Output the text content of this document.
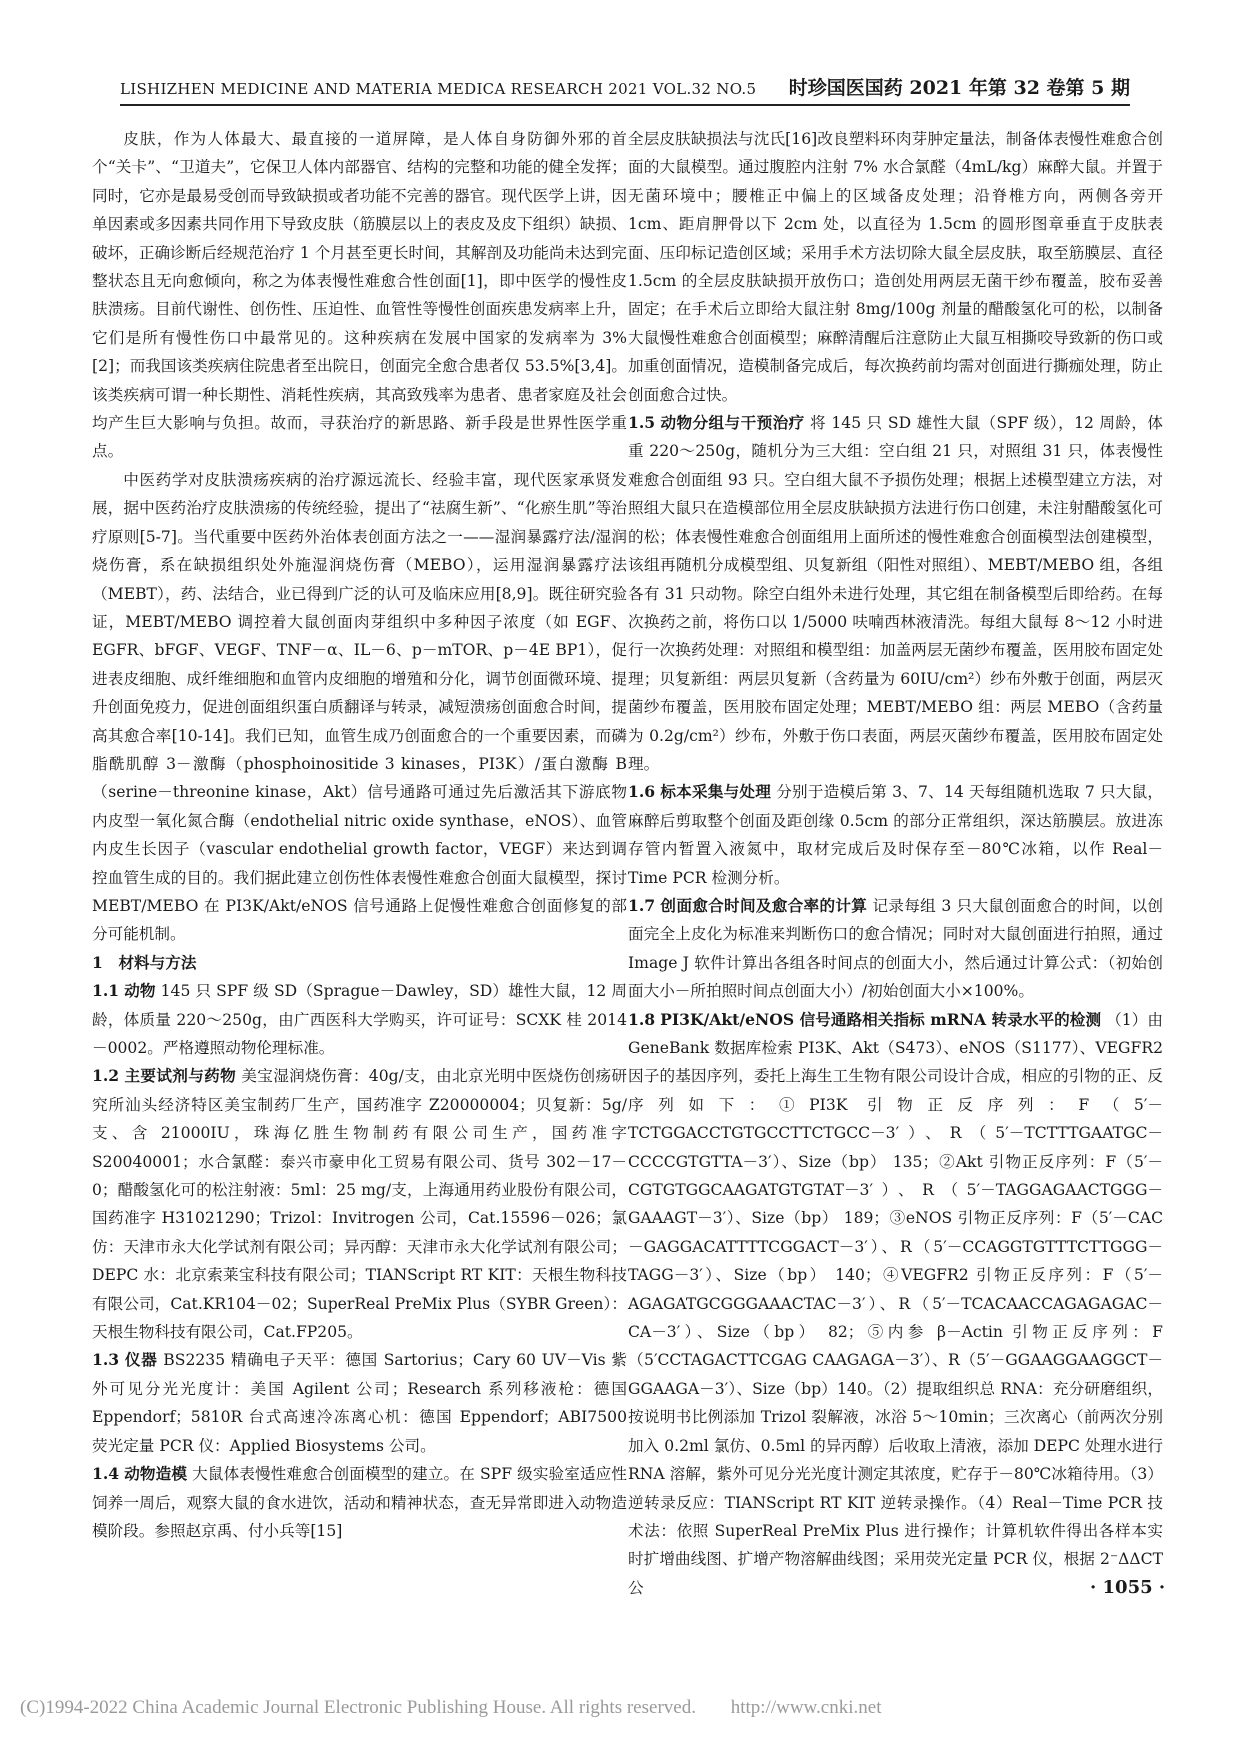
LISHIZHEN MEDICINE AND MATERIA MEDICA RESEARCH 2021 VOL.32 NO.5 时珍国医国药 2021 年第 32 卷第 5 期

皮肤，作为人体最大、最直接的一道屏障，是人体自身防御外邪的首个“关卡”、“卫道夫”，它保卫人体内部器官、结构的完整和功能的健全发挥；同时，它亦是最易受创而导致缺损或者功能不完善的器官。现代医学上讲，因单因素或多因素共同作用下导致皮肤（筋膜层以上的表皮及皮下组织）缺损、破坏，正确诊断后经规范治疗 1 个月甚至更长时间，其解剖及功能尚未达到完整状态且无向愈倾向，称之为体表慢性难愈合性创面[1]，即中医学的慢性皮肤溃疡。目前代谢性、创伤性、压迫性、血管性等慢性创面疾患发病率上升，它们是所有慢性伤口中最常见的。这种疾病在发展中国家的发病率为 3%[2]；而我国该类疾病住院患者至出院日，创面完全愈合患者仅 53.5%[3,4]。该类疾病可谓一种长期性、消耗性疾病，其高致残率为患者、患者家庭及社会均产生巨大影响与负担。故而，寻获治疗的新思路、新手段是世界性医学重点。

中医药学对皮肤溃疡疾病的治疗源远流长、经验丰富，现代医家承贤发展，据中医药治疗皮肤溃疡的传统经验，提出了“祛腐生新”、“化瘀生肌”等治疗原则[5-7]。当代重要中医药外治体表创面方法之一——湿润暴露疗法/湿润烧伤膏，系在缺损组织处外施湿润烧伤膏（MEBO），运用湿润暴露疗法（MEBT），药、法结合，业已得到广泛的认可及临床应用[8,9]。既往研究验证，MEBT/MEBO 调控着大鼠创面肉芽组织中多种因子浓度（如 EGF、EGFR、bFGF、VEGF、TNF－α、IL－6、p－mTOR、p－4E BP1），促进表皮细胞、成纤维细胞和血管内皮细胞的增殖和分化，调节创面微环境、提升创面免疫力，促进创面组织蛋白质翻译与转录，减短溃疡创面愈合时间，提高其愈合率[10-14]。我们已知，血管生成乃创面愈合的一个重要因素，而磷脂酰肌醇 3－激酶（phosphoinositide 3 kinases，PI3K）/蛋白激酶 B（serine－threonine kinase，Akt）信号通路可通过先后激活其下游底物内皮型一氧化氮合酶（endothelial nitric oxide synthase，eNOS）、血管内皮生长因子（vascular endothelial growth factor，VEGF）来达到调控血管生成的目的。我们据此建立创伤性体表慢性难愈合创面大鼠模型，探讨 MEBT/MEBO 在 PI3K/Akt/eNOS 信号通路上促慢性难愈合创面修复的部分可能机制。

1　材料与方法

1.1 动物 145 只 SPF 级 SD（Sprague－Dawley，SD）雄性大鼠，12 周龄，体质量 220～250g，由广西医科大学购买，许可证号：SCXK 桂 2014－0002。严格遵照动物伦理标准。

1.2 主要试剂与药物 美宝湿润烧伤膏：40g/支，由北京光明中医烧伤创疡研究所汕头经济特区美宝制药厂生产，国药准字 Z20000004；贝复新：5g/支、含 21000IU，珠海亿胜生物制药有限公司生产，国药准字 S20040001；水合氯醛：泰兴市豪申化工贸易有限公司、货号 302－17－0；醋酸氢化可的松注射液：5ml：25 mg/支，上海通用药业股份有限公司，国药准字 H31021290；Trizol：Invitrogen 公司，Cat.15596－026；氯仿：天津市永大化学试剂有限公司；异丙醇：天津市永大化学试剂有限公司；DEPC 水：北京索莱宝科技有限公司；TIANScript RT KIT：天根生物科技有限公司，Cat.KR104－02；SuperReal PreMix Plus（SYBR Green）：天根生物科技有限公司，Cat.FP205。

1.3 仪器 BS2235 精确电子天平：德国 Sartorius；Cary 60 UV－Vis 紫外可见分光光度计：美国 Agilent 公司；Research 系列移液枪：德国 Eppendorf；5810R 台式高速冷冻离心机：德国 Eppendorf；ABI7500 荧光定量 PCR 仪：Applied Biosystems 公司。

1.4 动物造模 大鼠体表慢性难愈合创面模型的建立。在 SPF 级实验室适应性饲养一周后，观察大鼠的食水进饮，活动和精神状态，查无异常即进入动物造模阶段。参照赵京禹、付小兵等[15]

全层皮肤缺损法与沈氏[16]改良塑料环肉芽肿定量法，制备体表慢性难愈合创面的大鼠模型。通过腹腔内注射 7% 水合氯醛（4mL/kg）麻醉大鼠。并置于无菌环境中；腰椎正中偏上的区域备皮处理；沿脊椎方向，两侧各旁开 1cm、距肩胛骨以下 2cm 处，以直径为 1.5cm 的圆形图章垂直于皮肤表面、压印标记造创区域；采用手术方法切除大鼠全层皮肤，取至筋膜层、直径 1.5cm 的全层皮肤缺损开放伤口；造创处用两层无菌干纱布覆盖，胶布妥善固定；在手术后立即给大鼠注射 8mg/100g 剂量的醋酸氢化可的松，以制备大鼠慢性难愈合创面模型；麻醉清醒后注意防止大鼠互相撕咬导致新的伤口或加重创面情况，造模制备完成后，每次换药前均需对创面进行撕痂处理，防止创面愈合过快。

1.5 动物分组与干预治疗 将 145 只 SD 雄性大鼠（SPF 级），12 周龄，体重 220～250g，随机分为三大组：空白组 21 只，对照组 31 只，体表慢性难愈合创面组 93 只。空白组大鼠不予损伤处理；根据上述模型建立方法，对照组大鼠只在造模部位用全层皮肤缺损方法进行伤口创建，未注射醋酸氢化可的松；体表慢性难愈合创面组用上面所述的慢性难愈合创面模型法创建模型，该组再随机分成模型组、贝复新组（阳性对照组）、MEBT/MEBO 组，各组各有 31 只动物。除空白组外未进行处理，其它组在制备模型后即给药。在每次换药之前，将伤口以 1/5000 呋喃西林液清洗。每组大鼠每 8～12 小时进行一次换药处理：对照组和模型组：加盖两层无菌纱布覆盖，医用胶布固定处理；贝复新组：两层贝复新（含药量为 60IU/cm²）纱布外敷于创面，两层灭菌纱布覆盖，医用胶布固定处理；MEBT/MEBO 组：两层 MEBO（含药量为 0.2g/cm²）纱布，外敷于伤口表面，两层灭菌纱布覆盖，医用胶布固定处理。

1.6 标本采集与处理 分别于造模后第 3、7、14 天每组随机选取 7 只大鼠，麻醉后剪取整个创面及距创缘 0.5cm 的部分正常组织，深达筋膜层。放进冻存管内暂置入液氮中，取材完成后及时保存至－80℃冰箱，以作 Real－Time PCR 检测分析。

1.7 创面愈合时间及愈合率的计算 记录每组 3 只大鼠创面愈合的时间，以创面完全上皮化为标准来判断伤口的愈合情况；同时对大鼠创面进行拍照，通过 Image J 软件计算出各组各时间点的创面大小，然后通过计算公式：（初始创面大小－所拍照时间点创面大小）/初始创面大小×100%。

1.8 PI3K/Akt/eNOS 信号通路相关指标 mRNA 转录水平的检测 （1）由 GeneBank 数据库检索 PI3K、Akt（S473）、eNOS（S1177）、VEGFR2 因子的基因序列，委托上海生工生物有限公司设计合成，相应的引物的正、反序列如下：①PI3K 引物正反序列：F（5′－TCTGGACCTGTGCCTTCTGCC－3′）、R（5′－TCTTTGAATGC－CCCCGTGTTA－3′）、Size（bp） 135；②Akt 引物正反序列：F（5′－CGTGTGGCAAGATGTGTAT－3′）、R（5′－TAGGAGAACTGGG－GAAAGT－3′）、Size（bp） 189；③eNOS 引物正反序列：F（5′－CAC－GAGGACATTTTCGGACT－3′）、R（5′－CCAGGTGTTTCTTGGG－TAGG－3′）、Size（bp） 140；④VEGFR2 引物正反序列：F（5′－AGAGATGCGGGAAACTAC－3′）、R（5′－TCACAACCAGAGAGAC－CA－3′）、Size（bp） 82；⑤内参 β－Actin 引物正反序列：F（5′CCTAGACTTCGAG CAAGAGA－3′）、R（5′－GGAAGGAAGGCT－GGAAGA－3′）、Size（bp）140。（2）提取组织总 RNA：充分研磨组织，按说明书比例添加 Trizol 裂解液，冰浴 5～10min；三次离心（前两次分别加入 0.2ml 氯仿、0.5ml 的异丙醇）后收取上清液，添加 DEPC 处理水进行 RNA 溶解，紫外可见分光光度计测定其浓度，贮存于－80℃冰箱待用。（3）逆转录反应：TIANScript RT KIT 逆转录操作。（4）Real－Time PCR 技术法：依照 SuperReal PreMix Plus 进行操作；计算机软件得出各样本实时扩增曲线图、扩增产物溶解曲线图；采用荧光定量 PCR 仪，根据 2⁻ΔΔCT 公	· 1055 ·
(C)1994-2022 China Academic Journal Electronic Publishing House. All rights reserved. http://www.cnki.net
